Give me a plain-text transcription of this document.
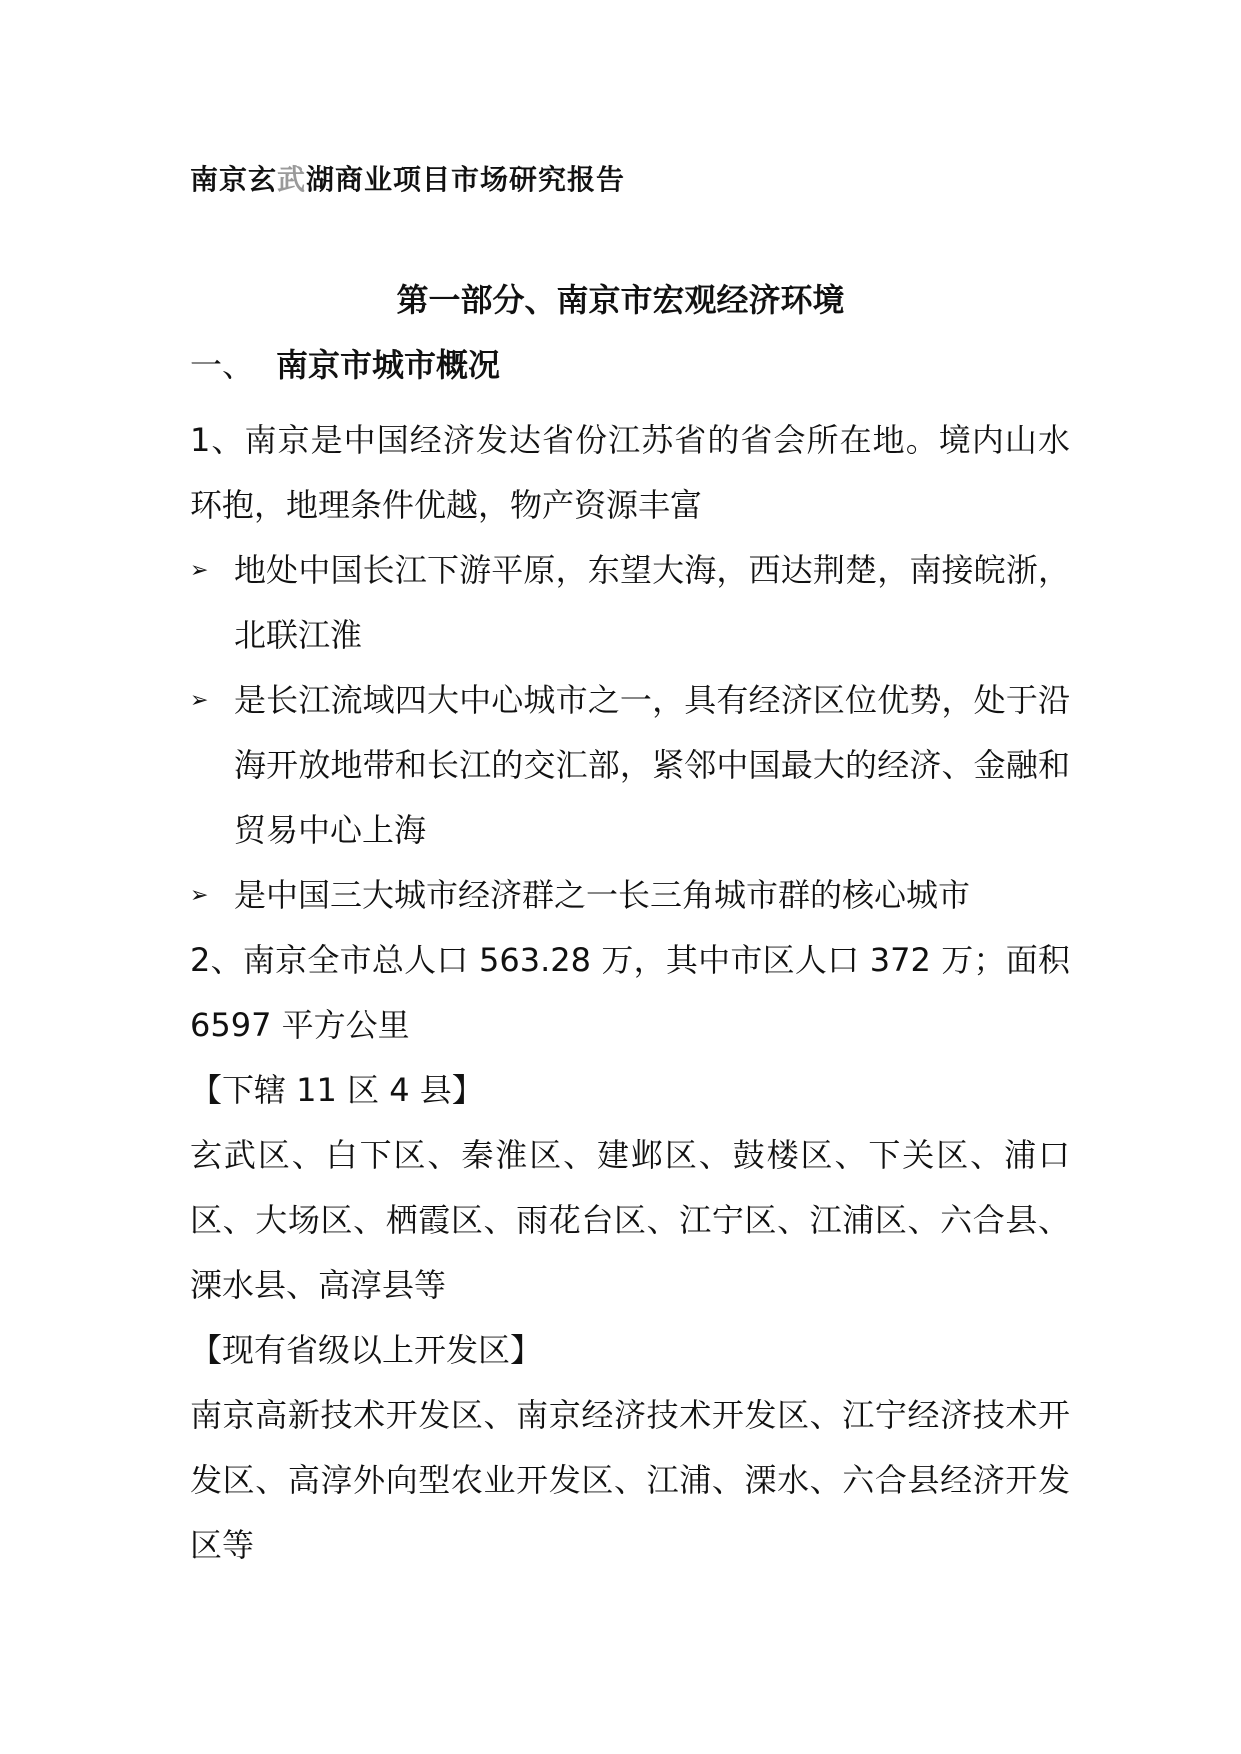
南京玄武湖商业项目市场研究报告
第一部分、南京市宏观经济环境
一、 南京市城市概况

1、南京是中国经济发达省份江苏省的省会所在地。境内山水环抱，地理条件优越，物产资源丰富

➢ 地处中国长江下游平原，东望大海，西达荆楚，南接皖浙，北联江淮

➢ 是长江流域四大中心城市之一，具有经济区位优势，处于沿海开放地带和长江的交汇部，紧邻中国最大的经济、金融和贸易中心上海

➢ 是中国三大城市经济群之一长三角城市群的核心城市

2、南京全市总人口 563.28 万，其中市区人口 372 万；面积 6597 平方公里

【下辖 11 区 4 县】

玄武区、白下区、秦淮区、建邺区、鼓楼区、下关区、浦口区、大场区、栖霞区、雨花台区、江宁区、江浦区、六合县、溧水县、高淳县等

【现有省级以上开发区】

南京高新技术开发区、南京经济技术开发区、江宁经济技术开发区、高淳外向型农业开发区、江浦、溧水、六合县经济开发区等
